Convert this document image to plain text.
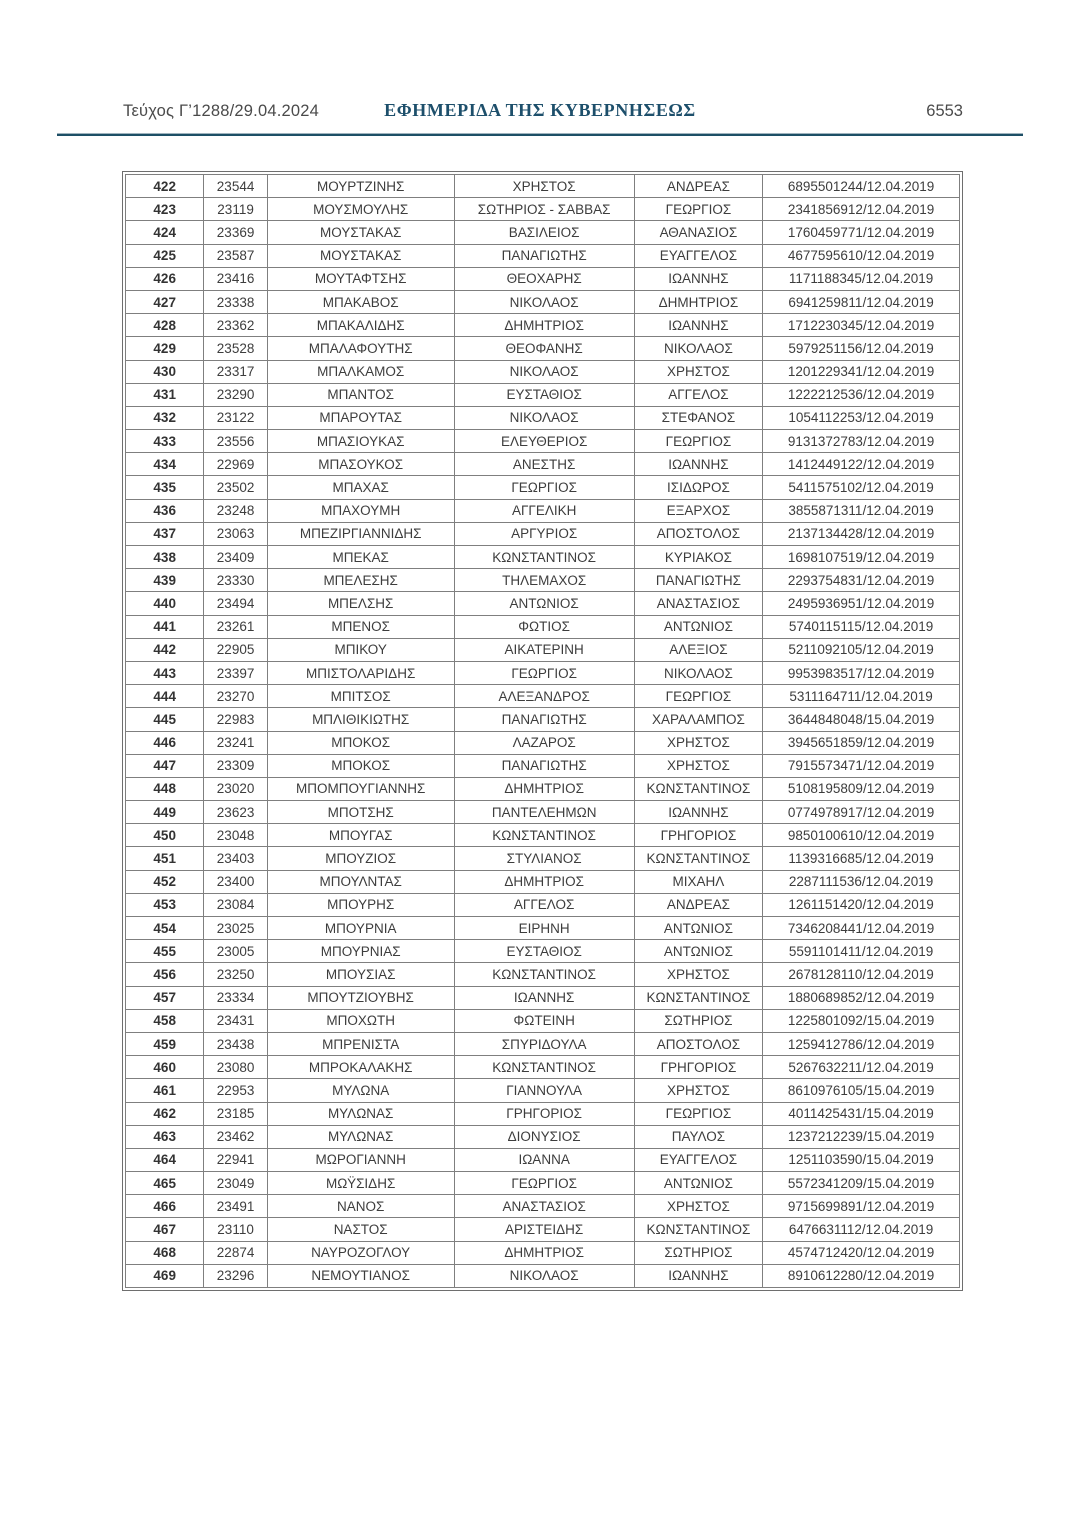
Τεύχος Γ’1288/29.04.2024	ΕΦΗΜΕΡΙΔΑ ΤΗΣ ΚΥΒΕΡΝΗΣΕΩΣ	6553
422	23544	ΜΟΥΡΤΖΙΝΗΣ	ΧΡΗΣΤΟΣ	ΑΝΔΡΕΑΣ	6895501244/12.04.2019
423	23119	ΜΟΥΣΜΟΥΛΗΣ	ΣΩΤΗΡΙΟΣ - ΣΑΒΒΑΣ	ΓΕΩΡΓΙΟΣ	2341856912/12.04.2019
424	23369	ΜΟΥΣΤΑΚΑΣ	ΒΑΣΙΛΕΙΟΣ	ΑΘΑΝΑΣΙΟΣ	1760459771/12.04.2019
425	23587	ΜΟΥΣΤΑΚΑΣ	ΠΑΝΑΓΙΩΤΗΣ	ΕΥΑΓΓΕΛΟΣ	4677595610/12.04.2019
426	23416	ΜΟΥΤΑΦΤΣΗΣ	ΘΕΟΧΑΡΗΣ	ΙΩΑΝΝΗΣ	1171188345/12.04.2019
427	23338	ΜΠΑΚΑΒΟΣ	ΝΙΚΟΛΑΟΣ	ΔΗΜΗΤΡΙΟΣ	6941259811/12.04.2019
428	23362	ΜΠΑΚΑΛΙΔΗΣ	ΔΗΜΗΤΡΙΟΣ	ΙΩΑΝΝΗΣ	1712230345/12.04.2019
429	23528	ΜΠΑΛΑΦΟΥΤΗΣ	ΘΕΟΦΑΝΗΣ	ΝΙΚΟΛΑΟΣ	5979251156/12.04.2019
430	23317	ΜΠΑΛΚΑΜΟΣ	ΝΙΚΟΛΑΟΣ	ΧΡΗΣΤΟΣ	1201229341/12.04.2019
431	23290	ΜΠΑΝΤΟΣ	ΕΥΣΤΑΘΙΟΣ	ΑΓΓΕΛΟΣ	1222212536/12.04.2019
432	23122	ΜΠΑΡΟΥΤΑΣ	ΝΙΚΟΛΑΟΣ	ΣΤΕΦΑΝΟΣ	1054112253/12.04.2019
433	23556	ΜΠΑΣΙΟΥΚΑΣ	ΕΛΕΥΘΕΡΙΟΣ	ΓΕΩΡΓΙΟΣ	9131372783/12.04.2019
434	22969	ΜΠΑΣΟΥΚΟΣ	ΑΝΕΣΤΗΣ	ΙΩΑΝΝΗΣ	1412449122/12.04.2019
435	23502	ΜΠΑΧΑΣ	ΓΕΩΡΓΙΟΣ	ΙΣΙΔΩΡΟΣ	5411575102/12.04.2019
436	23248	ΜΠΑΧΟΥΜΗ	ΑΓΓΕΛΙΚΗ	ΕΞΑΡΧΟΣ	3855871311/12.04.2019
437	23063	ΜΠΕΖΙΡΓΙΑΝΝΙΔΗΣ	ΑΡΓΥΡΙΟΣ	ΑΠΟΣΤΟΛΟΣ	2137134428/12.04.2019
438	23409	ΜΠΕΚΑΣ	ΚΩΝΣΤΑΝΤΙΝΟΣ	ΚΥΡΙΑΚΟΣ	1698107519/12.04.2019
439	23330	ΜΠΕΛΕΣΗΣ	ΤΗΛΕΜΑΧΟΣ	ΠΑΝΑΓΙΩΤΗΣ	2293754831/12.04.2019
440	23494	ΜΠΕΛΣΗΣ	ΑΝΤΩΝΙΟΣ	ΑΝΑΣΤΑΣΙΟΣ	2495936951/12.04.2019
441	23261	ΜΠΕΝΟΣ	ΦΩΤΙΟΣ	ΑΝΤΩΝΙΟΣ	5740115115/12.04.2019
442	22905	ΜΠΙΚΟΥ	ΑΙΚΑΤΕΡΙΝΗ	ΑΛΕΞΙΟΣ	5211092105/12.04.2019
443	23397	ΜΠΙΣΤΟΛΑΡΙΔΗΣ	ΓΕΩΡΓΙΟΣ	ΝΙΚΟΛΑΟΣ	9953983517/12.04.2019
444	23270	ΜΠΙΤΣΟΣ	ΑΛΕΞΑΝΔΡΟΣ	ΓΕΩΡΓΙΟΣ	5311164711/12.04.2019
445	22983	ΜΠΛΙΘΙΚΙΩΤΗΣ	ΠΑΝΑΓΙΩΤΗΣ	ΧΑΡΑΛΑΜΠΟΣ	3644848048/15.04.2019
446	23241	ΜΠΟΚΟΣ	ΛΑΖΑΡΟΣ	ΧΡΗΣΤΟΣ	3945651859/12.04.2019
447	23309	ΜΠΟΚΟΣ	ΠΑΝΑΓΙΩΤΗΣ	ΧΡΗΣΤΟΣ	7915573471/12.04.2019
448	23020	ΜΠΟΜΠΟΥΓΙΑΝΝΗΣ	ΔΗΜΗΤΡΙΟΣ	ΚΩΝΣΤΑΝΤΙΝΟΣ	5108195809/12.04.2019
449	23623	ΜΠΟΤΣΗΣ	ΠΑΝΤΕΛΕΗΜΩΝ	ΙΩΑΝΝΗΣ	0774978917/12.04.2019
450	23048	ΜΠΟΥΓΑΣ	ΚΩΝΣΤΑΝΤΙΝΟΣ	ΓΡΗΓΟΡΙΟΣ	9850100610/12.04.2019
451	23403	ΜΠΟΥΖΙΟΣ	ΣΤΥΛΙΑΝΟΣ	ΚΩΝΣΤΑΝΤΙΝΟΣ	1139316685/12.04.2019
452	23400	ΜΠΟΥΛΝΤΑΣ	ΔΗΜΗΤΡΙΟΣ	ΜΙΧΑΗΛ	2287111536/12.04.2019
453	23084	ΜΠΟΥΡΗΣ	ΑΓΓΕΛΟΣ	ΑΝΔΡΕΑΣ	1261151420/12.04.2019
454	23025	ΜΠΟΥΡΝΙΑ	ΕΙΡΗΝΗ	ΑΝΤΩΝΙΟΣ	7346208441/12.04.2019
455	23005	ΜΠΟΥΡΝΙΑΣ	ΕΥΣΤΑΘΙΟΣ	ΑΝΤΩΝΙΟΣ	5591101411/12.04.2019
456	23250	ΜΠΟΥΣΙΑΣ	ΚΩΝΣΤΑΝΤΙΝΟΣ	ΧΡΗΣΤΟΣ	2678128110/12.04.2019
457	23334	ΜΠΟΥΤΖΙΟΥΒΗΣ	ΙΩΑΝΝΗΣ	ΚΩΝΣΤΑΝΤΙΝΟΣ	1880689852/12.04.2019
458	23431	ΜΠΟΧΩΤΗ	ΦΩΤΕΙΝΗ	ΣΩΤΗΡΙΟΣ	1225801092/15.04.2019
459	23438	ΜΠΡΕΝΙΣΤΑ	ΣΠΥΡΙΔΟΥΛΑ	ΑΠΟΣΤΟΛΟΣ	1259412786/12.04.2019
460	23080	ΜΠΡΟΚΑΛΑΚΗΣ	ΚΩΝΣΤΑΝΤΙΝΟΣ	ΓΡΗΓΟΡΙΟΣ	5267632211/12.04.2019
461	22953	ΜΥΛΩΝΑ	ΓΙΑΝΝΟΥΛΑ	ΧΡΗΣΤΟΣ	8610976105/15.04.2019
462	23185	ΜΥΛΩΝΑΣ	ΓΡΗΓΟΡΙΟΣ	ΓΕΩΡΓΙΟΣ	4011425431/15.04.2019
463	23462	ΜΥΛΩΝΑΣ	ΔΙΟΝΥΣΙΟΣ	ΠΑΥΛΟΣ	1237212239/15.04.2019
464	22941	ΜΩΡΟΓΙΑΝΝΗ	ΙΩΑΝΝΑ	ΕΥΑΓΓΕΛΟΣ	1251103590/15.04.2019
465	23049	ΜΩΫΣΙΔΗΣ	ΓΕΩΡΓΙΟΣ	ΑΝΤΩΝΙΟΣ	5572341209/15.04.2019
466	23491	ΝΑΝΟΣ	ΑΝΑΣΤΑΣΙΟΣ	ΧΡΗΣΤΟΣ	9715699891/12.04.2019
467	23110	ΝΑΣΤΟΣ	ΑΡΙΣΤΕΙΔΗΣ	ΚΩΝΣΤΑΝΤΙΝΟΣ	6476631112/12.04.2019
468	22874	ΝΑΥΡΟΖΟΓΛΟΥ	ΔΗΜΗΤΡΙΟΣ	ΣΩΤΗΡΙΟΣ	4574712420/12.04.2019
469	23296	ΝΕΜΟΥΤΙΑΝΟΣ	ΝΙΚΟΛΑΟΣ	ΙΩΑΝΝΗΣ	8910612280/12.04.2019
